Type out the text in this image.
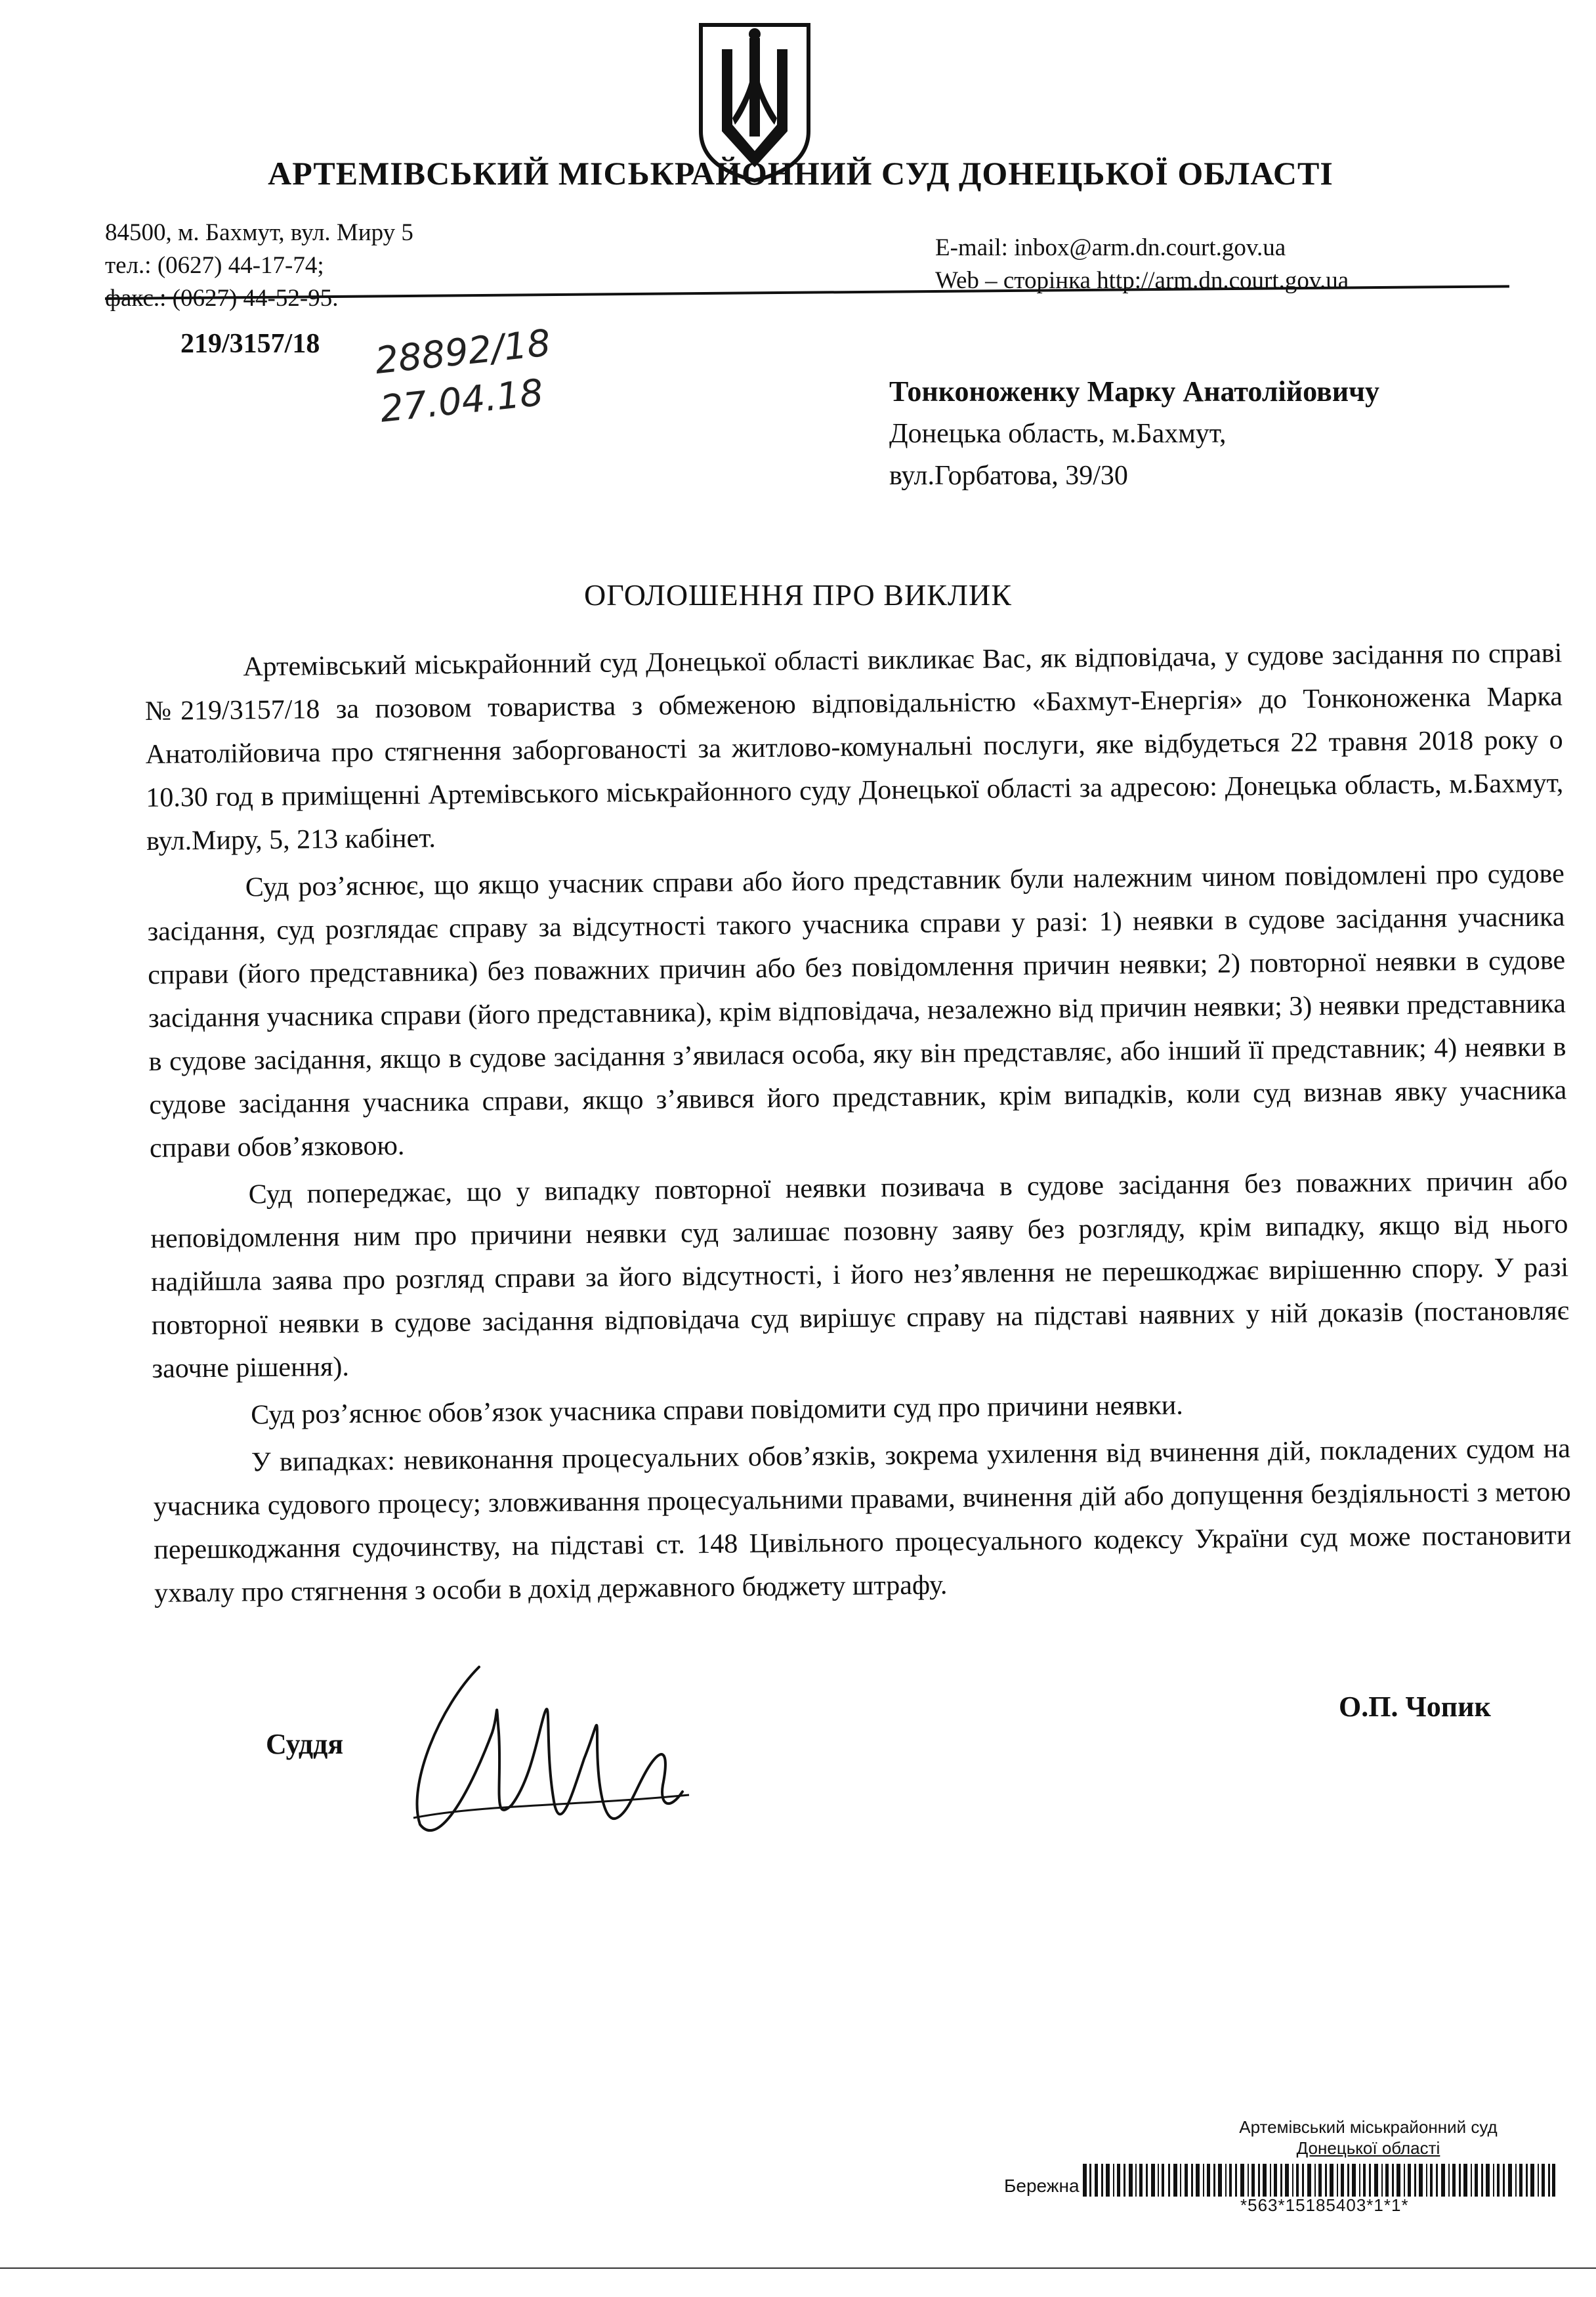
АРТЕМІВСЬКИЙ МІСЬКРАЙОННИЙ СУД ДОНЕЦЬКОЇ ОБЛАСТІ
84500, м. Бахмут, вул. Миру 5
тел.: (0627) 44-17-74;
факс.: (0627) 44-52-95.
E-mail: inbox@arm.dn.court.gov.ua
Web – сторінка http://arm.dn.court.gov.ua
219/3157/18 28892/18
27.04.18	Тонконоженку Марку Анатолійовичу
Донецька область, м.Бахмут,
вул.Горбатова, 39/30
ОГОЛОШЕННЯ ПРО ВИКЛИК

Артемівський міськрайонний суд Донецької області викликає Вас, як відповідача, у судове засідання по справі №219/3157/18 за позовом товариства з обмеженою відповідальністю «Бахмут-Енергія» до Тонконоженка Марка Анатолійовича про стягнення заборгованості за житлово-комунальні послуги, яке відбудеться 22 травня 2018 року о 10.30 год в приміщенні Артемівського міськрайонного суду Донецької області за адресою: Донецька область, м.Бахмут, вул.Миру, 5, 213 кабінет.

Суд роз’яснює, що якщо учасник справи або його представник були належним чином повідомлені про судове засідання, суд розглядає справу за відсутності такого учасника справи у разі: 1) неявки в судове засідання учасника справи (його представника) без поважних причин або без повідомлення причин неявки; 2) повторної неявки в судове засідання учасника справи (його представника), крім відповідача, незалежно від причин неявки; 3) неявки представника в судове засідання, якщо в судове засідання з’явилася особа, яку він представляє, або інший її представник; 4) неявки в судове засідання учасника справи, якщо з’явився його представник, крім випадків, коли суд визнав явку учасника справи обов’язковою.

Суд попереджає, що у випадку повторної неявки позивача в судове засідання без поважних причин або неповідомлення ним про причини неявки суд залишає позовну заяву без розгляду, крім випадку, якщо від нього надійшла заява про розгляд справи за його відсутності, і його нез’явлення не перешкоджає вирішенню спору. У разі повторної неявки в судове засідання відповідача суд вирішує справу на підставі наявних у ній доказів (постановляє заочне рішення).

Суд роз’яснює обов’язок учасника справи повідомити суд про причини неявки.

У випадках: невиконання процесуальних обов’язків, зокрема ухилення від вчинення дій, покладених судом на учасника судового процесу; зловживання процесуальними правами, вчинення дій або допущення бездіяльності з метою перешкоджання судочинству, на підставі ст. 148 Цивільного процесуального кодексу України суд може постановити ухвалу про стягнення з особи в дохід державного бюджету штрафу.

Суддя
О.П. Чопик
Артемівський міськрайонний суд
Донецької області
Бережна
*563*15185403*1*1*
